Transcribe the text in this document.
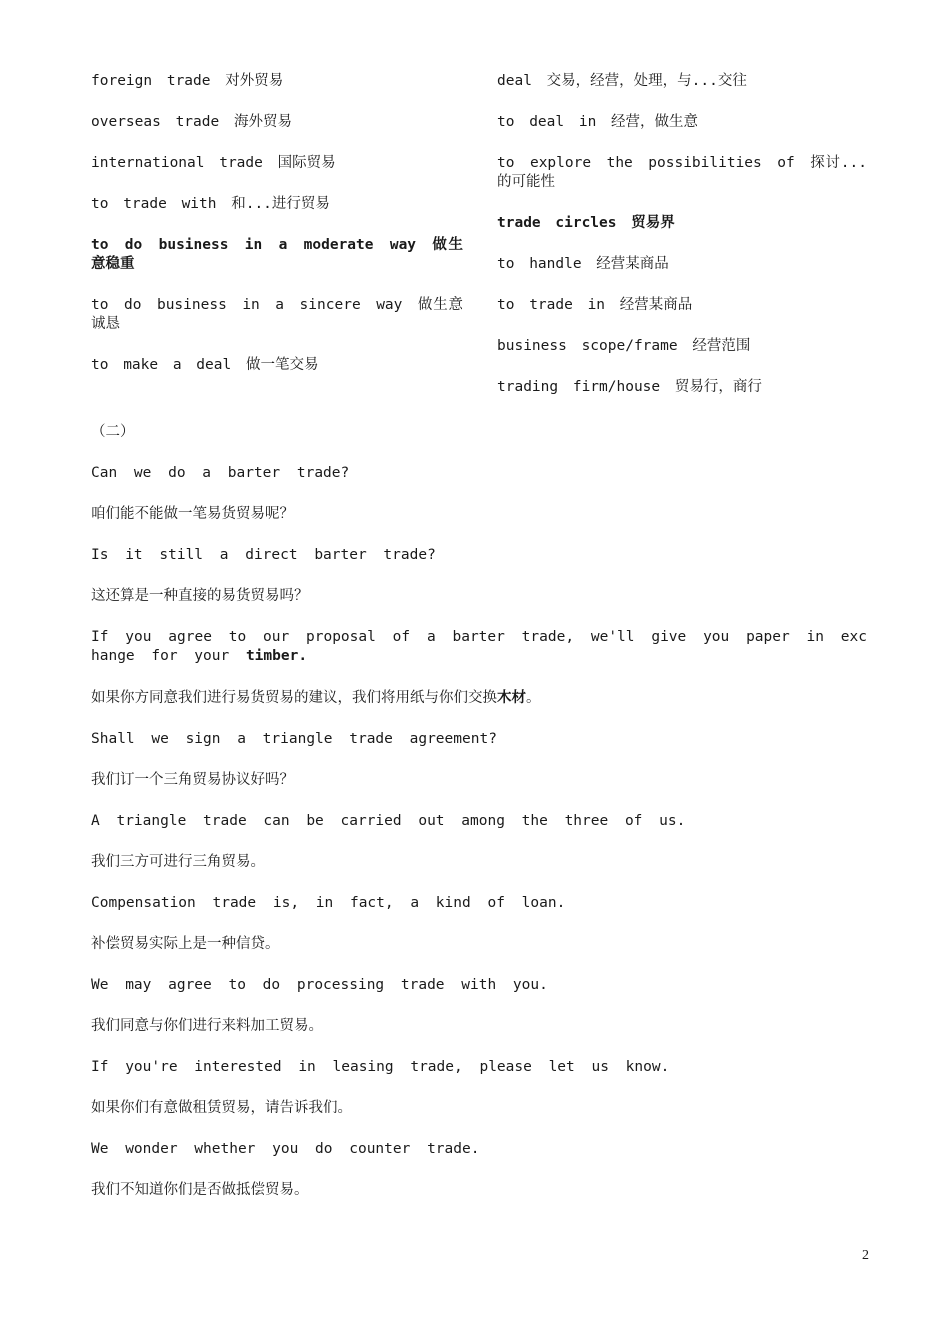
foreign trade 对外贸易

overseas trade 海外贸易

international trade 国际贸易

to trade with 和...进行贸易

to do business in a moderate way 做生意稳重

to do business in a sincere way 做生意诚恳

to make a deal 做一笔交易

deal 交易，经营，处理，与...交往

to deal in 经营，做生意

to explore the possibilities of 探讨...的可能性

trade circles 贸易界

to handle 经营某商品

to trade in 经营某商品

business scope/frame 经营范围

trading firm/house 贸易行，商行

（二）

Can we do a barter trade?

咱们能不能做一笔易货贸易呢？

Is it still a direct barter trade?

这还算是一种直接的易货贸易吗？

If you agree to our proposal of a barter trade, we'll give you paper in exchange for your timber.

如果你方同意我们进行易货贸易的建议，我们将用纸与你们交换木材。

Shall we sign a triangle trade agreement?

我们订一个三角贸易协议好吗？

A triangle trade can be carried out among the three of us.

我们三方可进行三角贸易。

Compensation trade is, in fact, a kind of loan.

补偿贸易实际上是一种信贷。

We may agree to do processing trade with you.

我们同意与你们进行来料加工贸易。

If you're interested in leasing trade, please let us know.

如果你们有意做租赁贸易，请告诉我们。

We wonder whether you do counter trade.

我们不知道你们是否做抵偿贸易。

2
